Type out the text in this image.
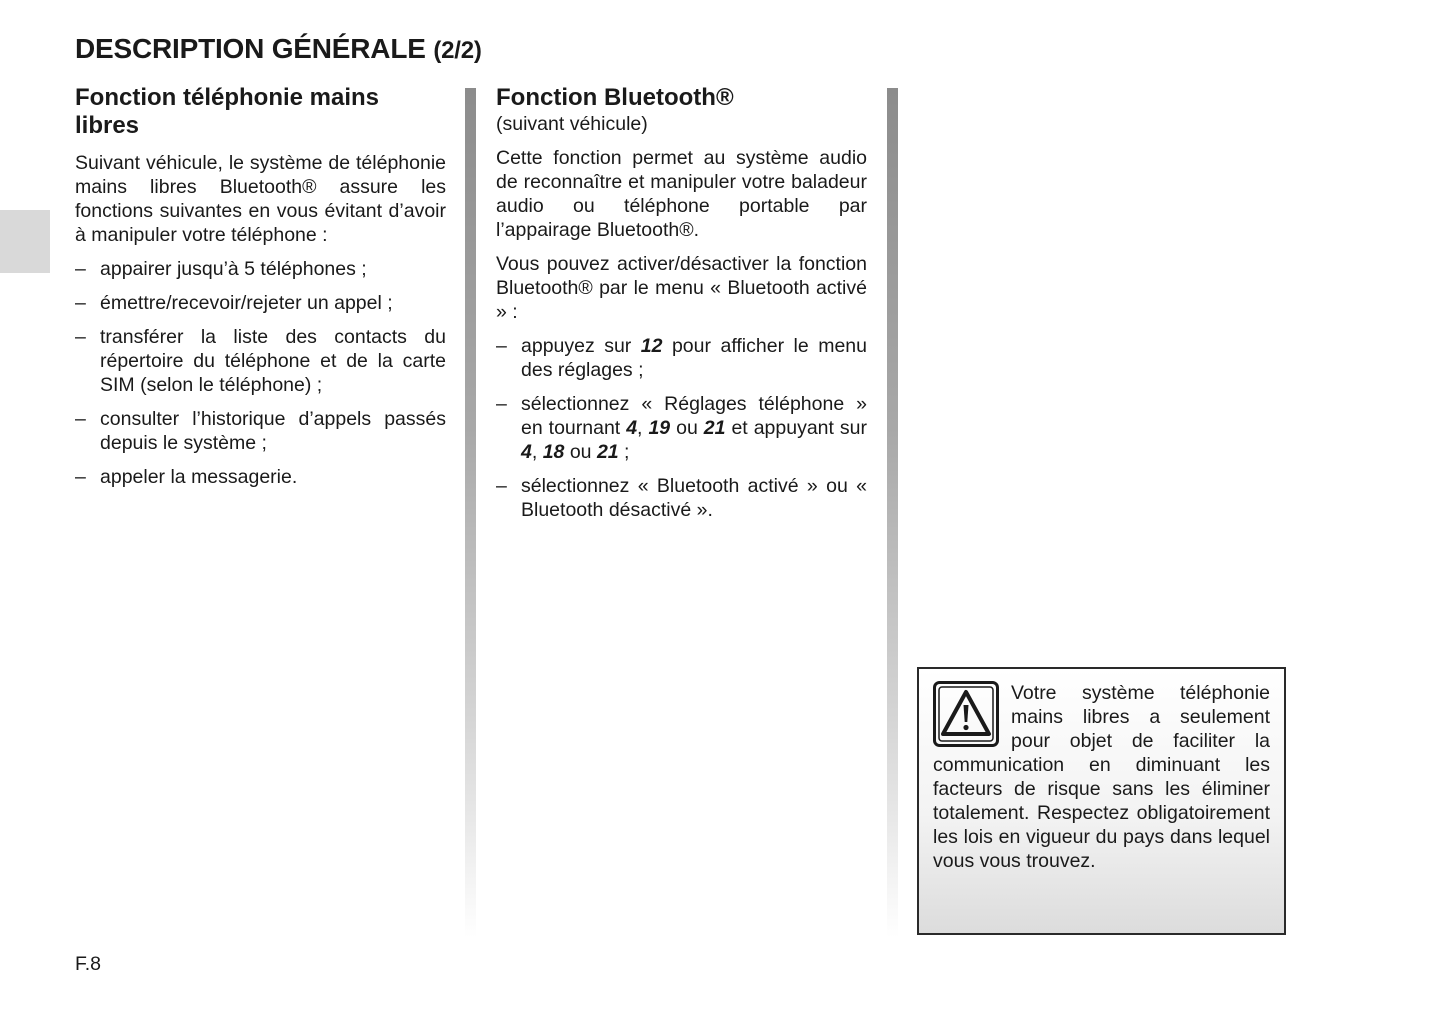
DESCRIPTION GÉNÉRALE (2/2)
Fonction téléphonie mains libres

Suivant véhicule, le système de téléphonie mains libres Bluetooth® assure les fonctions suivantes en vous évitant d’avoir à manipuler votre téléphone :

– appairer jusqu’à 5 téléphones ;
– émettre/recevoir/rejeter un appel ;
– transférer la liste des contacts du répertoire du téléphone et de la carte SIM (selon le téléphone) ;
– consulter l’historique d’appels passés depuis le système ;
– appeler la messagerie.
Fonction Bluetooth®
(suivant véhicule)

Cette fonction permet au système audio de reconnaître et manipuler votre baladeur audio ou téléphone portable par l’appairage Bluetooth®.

Vous pouvez activer/désactiver la fonction Bluetooth® par le menu « Bluetooth activé » :

– appuyez sur 12 pour afficher le menu des réglages ;
– sélectionnez « Réglages téléphone » en tournant 4, 19 ou 21 et appuyant sur 4, 18 ou 21 ;
– sélectionnez « Bluetooth activé » ou « Bluetooth désactivé ».

Votre système téléphonie mains libres a seulement pour objet de faciliter la communication en diminuant les facteurs de risque sans les éliminer totalement. Respectez obligatoirement les lois en vigueur du pays dans lequel vous vous trouvez.

F.8
